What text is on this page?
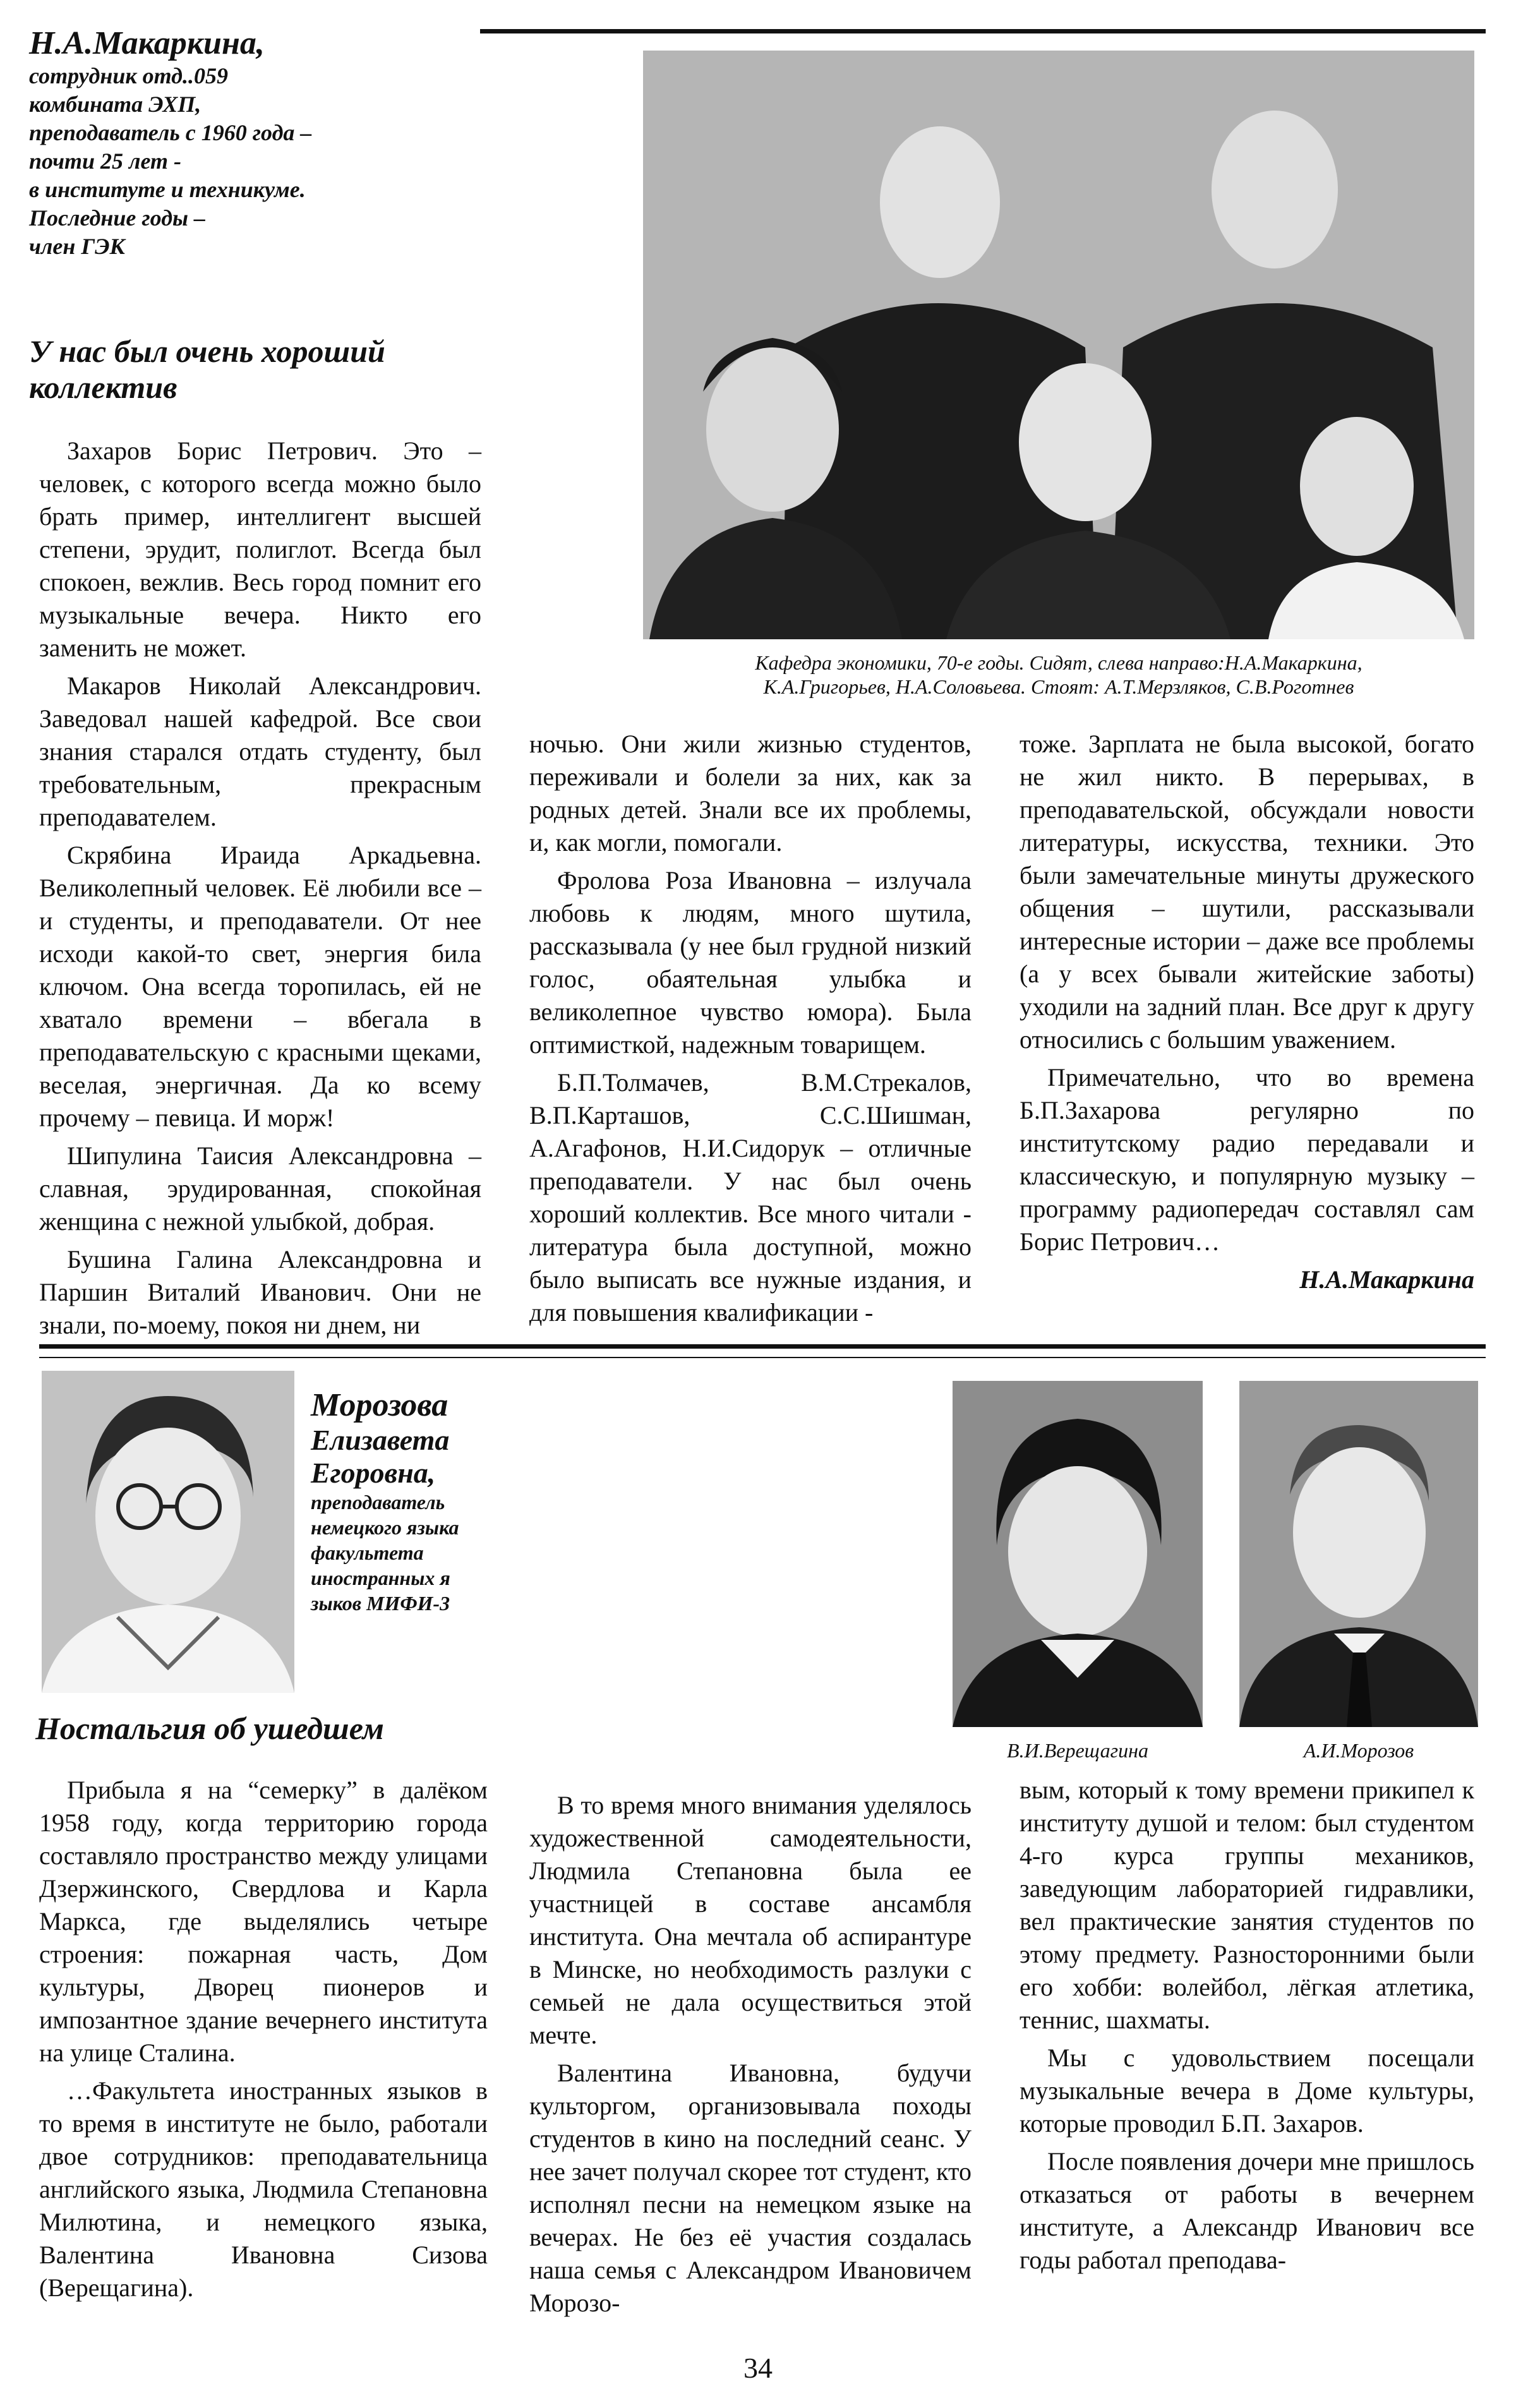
Н.А.Макаркина,

сотрудник отд..059
комбината ЭХП,
преподаватель с 1960 года –
почти 25 лет -
в институте и техникуме.
Последние годы –
член ГЭК

У нас был очень хороший коллектив

Кафедра экономики, 70-е годы. Сидят, слева направо:Н.А.Макаркина,
К.А.Григорьев, Н.А.Соловьева. Стоят: А.Т.Мерзляков, С.В.Роготнев

Захаров Борис Петрович. Это – человек, с которого всегда можно было брать пример, интеллигент высшей степени, эрудит, полиглот. Всегда был спокоен, вежлив. Весь город помнит его музыкальные вечера. Никто его заменить не может.

Макаров Николай Александрович. Заведовал нашей кафедрой. Все свои знания старался отдать студенту, был требовательным, прекрасным преподавателем.

Скрябина Ираида Аркадьевна. Великолепный человек. Её любили все – и студенты, и преподаватели. От нее исходи какой-то свет, энергия била ключом. Она всегда торопилась, ей не хватало времени – вбегала в преподавательскую с красными щеками, веселая, энергичная. Да ко всему прочему – певица. И морж!

Шипулина Таисия Александровна – славная, эрудированная, спокойная женщина с нежной улыбкой, добрая.

Бушина Галина Александровна и Паршин Виталий Иванович. Они не знали, по-моему, покоя ни днем, ни

ночью. Они жили жизнью студентов, переживали и болели за них, как за родных детей. Знали все их проблемы, и, как могли, помогали.

Фролова Роза Ивановна – излучала любовь к людям, много шутила, рассказывала (у нее был грудной низкий голос, обаятельная улыбка и великолепное чувство юмора). Была оптимисткой, надежным товарищем.

Б.П.Толмачев, В.М.Стрекалов, В.П.Карташов, С.С.Шишман, А.Агафонов, Н.И.Сидорук – отличные преподаватели. У нас был очень хороший коллектив. Все много читали - литература была доступной, можно было выписать все нужные издания, и для повышения квалификации -

тоже. Зарплата не была высокой, богато не жил никто. В перерывах, в преподавательской, обсуждали новости литературы, искусства, техники. Это были замечательные минуты дружеского общения – шутили, рассказывали интересные истории – даже все проблемы (а у всех бывали житейские заботы) уходили на задний план. Все друг к другу относились с большим уважением.

Примечательно, что во времена Б.П.Захарова регулярно по институтскому радио передавали и классическую, и популярную музыку – программу радиопередач составлял сам Борис Петрович…

Н.А.Макаркина

Морозова

Елизавета

Егоровна,

преподаватель
немецкого языка
факультета
иностранных я
зыков МИФИ-3

Ностальгия об ушедшем

В.И.Верещагина	А.И.Морозов

Прибыла я на “семерку” в далёком 1958 году, когда территорию города составляло пространство между улицами Дзержинского, Свердлова и Карла Маркса, где выделялись четыре строения: пожарная часть, Дом культуры, Дворец пионеров и импозантное здание вечернего института на улице Сталина.

…Факультета иностранных языков в то время в институте не было, работали двое сотрудников: преподавательница английского языка, Людмила Степановна Милютина, и немецкого языка, Валентина Ивановна Сизова (Верещагина).

В то время много внимания уделялось художественной самодеятельности, Людмила Степановна была ее участницей в составе ансамбля института. Она мечтала об аспирантуре в Минске, но необходимость разлуки с семьей не дала осуществиться этой мечте.

Валентина Ивановна, будучи культоргом, организовывала походы студентов в кино на последний сеанс. У нее зачет получал скорее тот студент, кто исполнял песни на немецком языке на вечерах. Не без её участия создалась наша семья с Александром Ивановичем Морозо-

вым, который к тому времени прикипел к институту душой и телом: был студентом 4-го курса группы механиков, заведующим лабораторией гидравлики, вел практические занятия студентов по этому предмету. Разносторонними были его хобби: волейбол, лёгкая атлетика, теннис, шахматы.

Мы с удовольствием посещали музыкальные вечера в Доме культуры, которые проводил Б.П. Захаров.

После появления дочери мне пришлось отказаться от работы в вечернем институте, а Александр Иванович все годы работал преподава-

34
